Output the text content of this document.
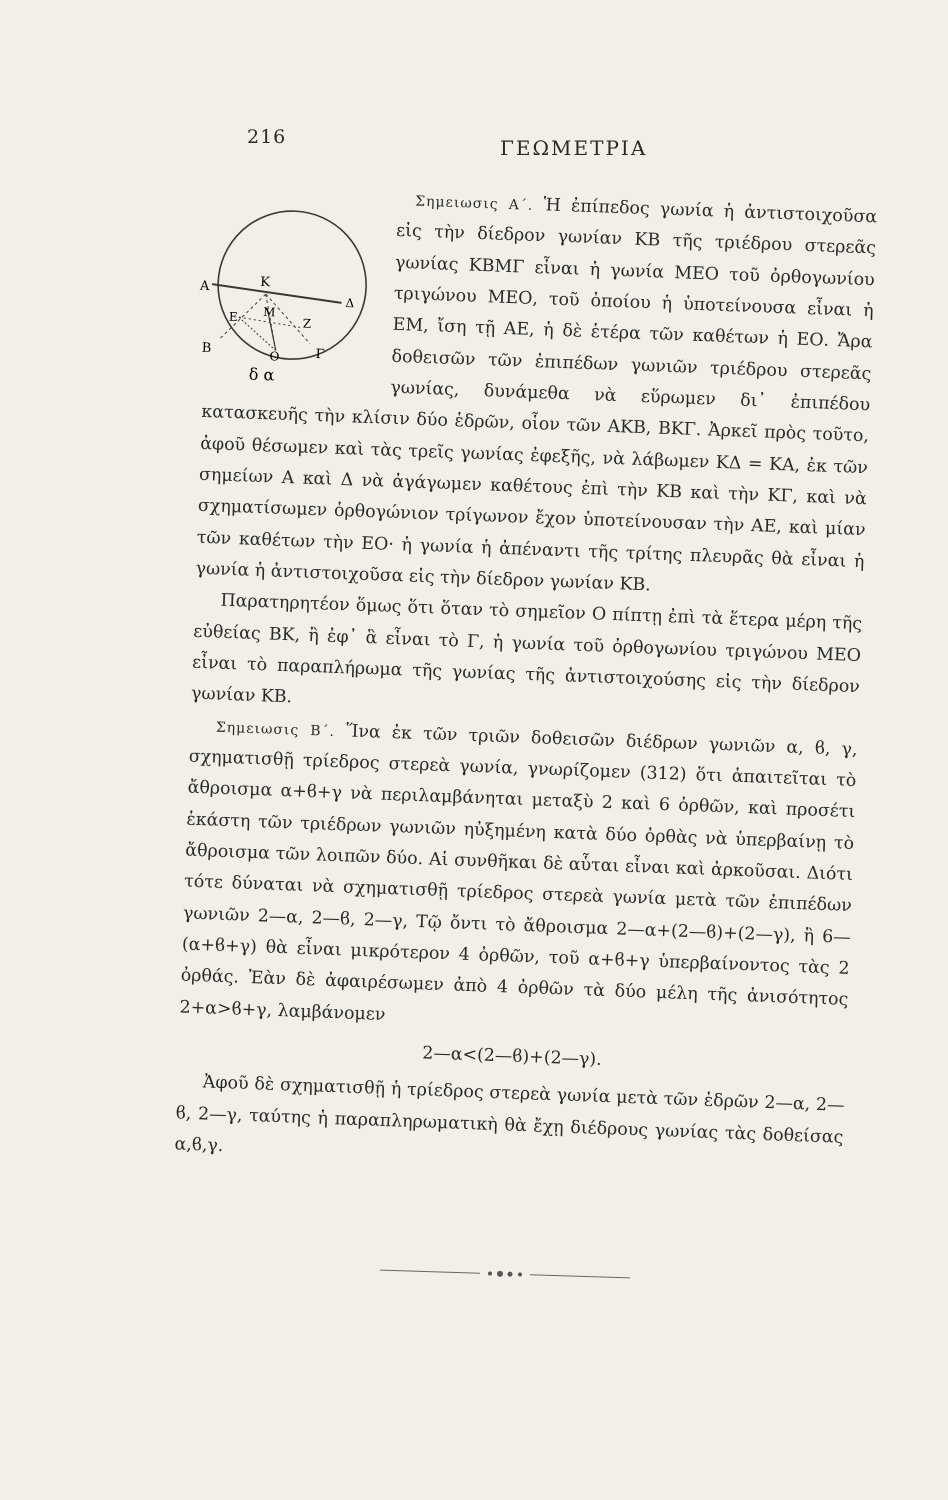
216	ΓΕΩΜΕΤΡΙΑ
A	K
E M
Z
Δ
B
O	Γ
δ α

Σημειωσις Α΄. Ἡ ἐπίπεδος γωνία ἡ ἀντιστοιχοῦσα εἰς τὴν δίεδρον γωνίαν ΚΒ τῆς τριέδρου στερεᾶς γωνίας ΚΒΜΓ εἶναι ἡ γωνία ΜΕΟ τοῦ ὀρθογωνίου τριγώνου ΜΕΟ, τοῦ ὁποίου ἡ ὑποτείνουσα εἶναι ἡ ΕΜ, ἴση τῇ ΑΕ, ἡ δὲ ἑτέρα τῶν καθέτων ἡ ΕΟ. Ἄρα δοθεισῶν τῶν ἐπιπέδων γωνιῶν τριέδρου στερεᾶς γωνίας, δυνάμεθα νὰ εὕρωμεν δι᾽ ἐπιπέδου κατασκευῆς τὴν κλίσιν δύο ἑδρῶν, οἷον τῶν ΑΚΒ, ΒΚΓ. Ἀρκεῖ πρὸς τοῦτο, ἀφοῦ θέσωμεν καὶ τὰς τρεῖς γωνίας ἐφεξῆς, νὰ λάβωμεν ΚΔ = ΚΑ, ἐκ τῶν σημείων Α καὶ Δ νὰ ἀγάγωμεν καθέτους ἐπὶ τὴν ΚΒ καὶ τὴν ΚΓ, καὶ νὰ σχηματίσωμεν ὀρθογώνιον τρίγωνον ἔχον ὑποτείνουσαν τὴν ΑΕ, καὶ μίαν τῶν καθέτων τὴν ΕΟ· ἡ γωνία ἡ ἀπέναντι τῆς τρίτης πλευρᾶς θὰ εἶναι ἡ γωνία ἡ ἀντιστοιχοῦσα εἰς τὴν δίεδρον γωνίαν ΚΒ.

Παρατηρητέον ὅμως ὅτι ὅταν τὸ σημεῖον Ο πίπτῃ ἐπὶ τὰ ἕτερα μέρη τῆς εὐθείας ΒΚ, ἢ ἐφ᾽ ἃ εἶναι τὸ Γ, ἡ γωνία τοῦ ὀρθογωνίου τριγώνου ΜΕΟ εἶναι τὸ παραπλήρωμα τῆς γωνίας τῆς ἀντιστοιχούσης εἰς τὴν δίεδρον γωνίαν ΚΒ.

Σημειωσις Β΄. Ἵνα ἐκ τῶν τριῶν δοθεισῶν διέδρων γωνιῶν α, ϐ, γ, σχηματισθῇ τρίεδρος στερεὰ γωνία, γνωρίζομεν (312) ὅτι ἀπαιτεῖται τὸ ἄθροισμα α+ϐ+γ νὰ περιλαμβάνηται μεταξὺ 2 καὶ 6 ὀρθῶν, καὶ προσέτι ἑκάστη τῶν τριέδρων γωνιῶν ηὐξημένη κατὰ δύο ὀρθὰς νὰ ὑπερβαίνῃ τὸ ἄθροισμα τῶν λοιπῶν δύο. Αἱ συνθῆκαι δὲ αὗται εἶναι καὶ ἀρκοῦσαι. Διότι τότε δύναται νὰ σχηματισθῇ τρίεδρος στερεὰ γωνία μετὰ τῶν ἐπιπέδων γωνιῶν 2—α, 2—ϐ, 2—γ, Τῷ ὄντι τὸ ἄθροισμα 2—α+(2—ϐ)+(2—γ), ἢ 6—(α+ϐ+γ) θὰ εἶναι μικρότερον 4 ὀρθῶν, τοῦ α+ϐ+γ ὑπερβαίνοντος τὰς 2 ὀρθάς. Ἐὰν δὲ ἀφαιρέσωμεν ἀπὸ 4 ὀρθῶν τὰ δύο μέλη τῆς ἀνισότητος 2+α>ϐ+γ, λαμβάνομεν

2—α<(2—ϐ)+(2—γ).

Ἀφοῦ δὲ σχηματισθῇ ἡ τρίεδρος στερεὰ γωνία μετὰ τῶν ἑδρῶν 2—α, 2—ϐ, 2—γ, ταύτης ἡ παραπληρωματικὴ θὰ ἔχῃ διέδρους γωνίας τὰς δοθείσας α,ϐ,γ.
